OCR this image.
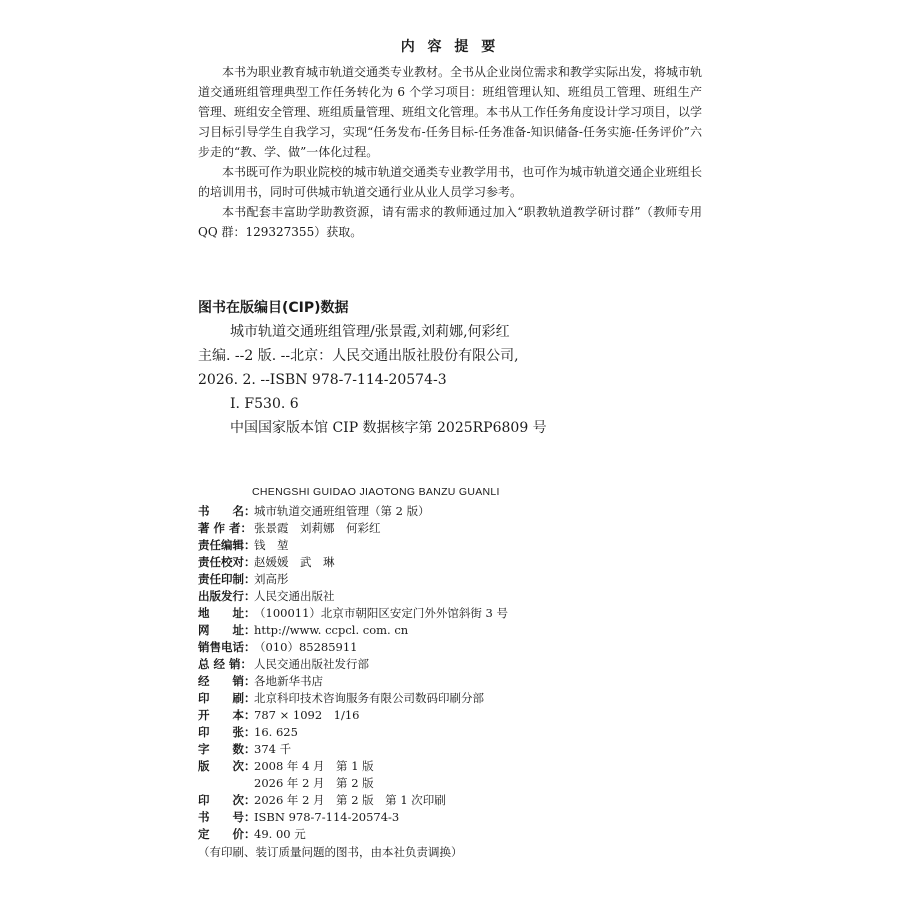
内 容 提 要

本书为职业教育城市轨道交通类专业教材。全书从企业岗位需求和教学实际出发，将城市轨道交通班组管理典型工作任务转化为 6 个学习项目：班组管理认知、班组员工管理、班组生产管理、班组安全管理、班组质量管理、班组文化管理。本书从工作任务角度设计学习项目，以学习目标引导学生自我学习，实现“任务发布-任务目标-任务准备-知识储备-任务实施-任务评价”六步走的“教、学、做”一体化过程。

本书既可作为职业院校的城市轨道交通类专业教学用书，也可作为城市轨道交通企业班组长的培训用书，同时可供城市轨道交通行业从业人员学习参考。

本书配套丰富助学助教资源，请有需求的教师通过加入“职教轨道教学研讨群”（教师专用 QQ 群：129327355）获取。

图书在版编目(CIP)数据
城市轨道交通班组管理/张景霞,刘莉娜,何彩红
主编. --2 版. --北京：人民交通出版社股份有限公司,
2026. 2. --ISBN 978-7-114-20574-3
Ⅰ. F530. 6
中国国家版本馆 CIP 数据核字第 2025RP6809 号
CHENGSHI GUIDAO JIAOTONG BANZU GUANLI
书　　名：
城市轨道交通班组管理（第 2 版）
著 作 者： 张景霞　刘莉娜　何彩红
责任编辑：
钱　堃
责任校对：
赵媛媛　武　琳
责任印制：
刘高彤
出版发行：
人民交通出版社
地　　址：
（100011）北京市朝阳区安定门外外馆斜街 3 号
网　　址：
http://www. ccpcl. com. cn
销售电话：
（010）85285911
总 经 销： 人民交通出版社发行部
经　　销：
各地新华书店
印　　刷：
北京科印技术咨询服务有限公司数码印刷分部
开　　本：
787 × 1092　1/16
印　　张：
16. 625
字　　数：
374 千
版　　次：
2008 年 4 月　第 1 版
2026 年 2 月　第 2 版
印　　次：
2026 年 2 月　第 2 版　第 1 次印刷
书　　号：
ISBN 978-7-114-20574-3
定　　价：
49. 00 元
（有印刷、装订质量问题的图书，由本社负责调换）
